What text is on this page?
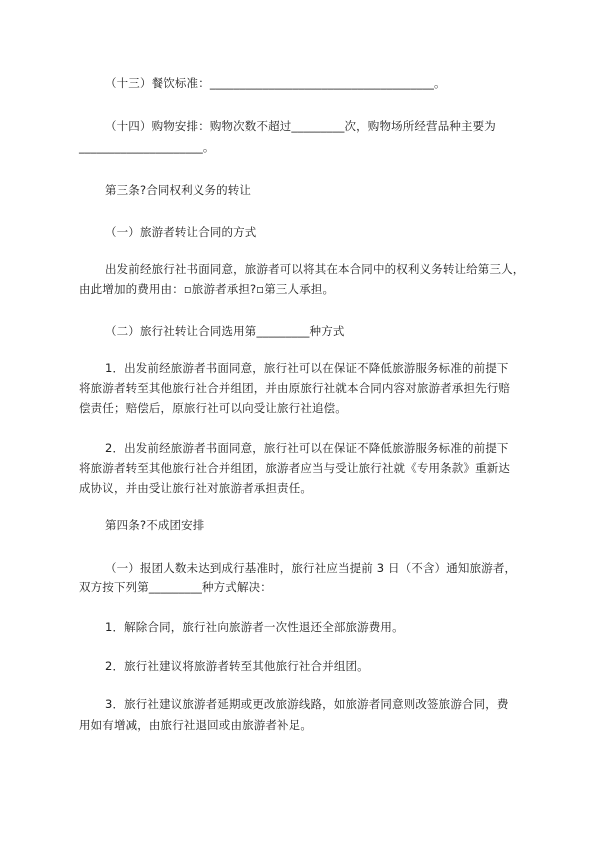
（十三）餐饮标准：______________________________________。
（十四）购物安排：购物次数不超过_________次，购物场所经营品种主要为
_____________________。
第三条?合同权利义务的转让
（一）旅游者转让合同的方式
出发前经旅行社书面同意，旅游者可以将其在本合同中的权利义务转让给第三人，
由此增加的费用由：▫旅游者承担?▫第三人承担。
（二）旅行社转让合同选用第_________种方式
1．出发前经旅游者书面同意，旅行社可以在保证不降低旅游服务标准的前提下
将旅游者转至其他旅行社合并组团，并由原旅行社就本合同内容对旅游者承担先行赔
偿责任；赔偿后，原旅行社可以向受让旅行社追偿。
2．出发前经旅游者书面同意，旅行社可以在保证不降低旅游服务标准的前提下
将旅游者转至其他旅行社合并组团，旅游者应当与受让旅行社就《专用条款》重新达
成协议，并由受让旅行社对旅游者承担责任。
第四条?不成团安排
（一）报团人数未达到成行基准时，旅行社应当提前 3 日（不含）通知旅游者，
双方按下列第_________种方式解决：
1．解除合同，旅行社向旅游者一次性退还全部旅游费用。
2．旅行社建议将旅游者转至其他旅行社合并组团。
3．旅行社建议旅游者延期或更改旅游线路，如旅游者同意则改签旅游合同，费
用如有增减，由旅行社退回或由旅游者补足。
